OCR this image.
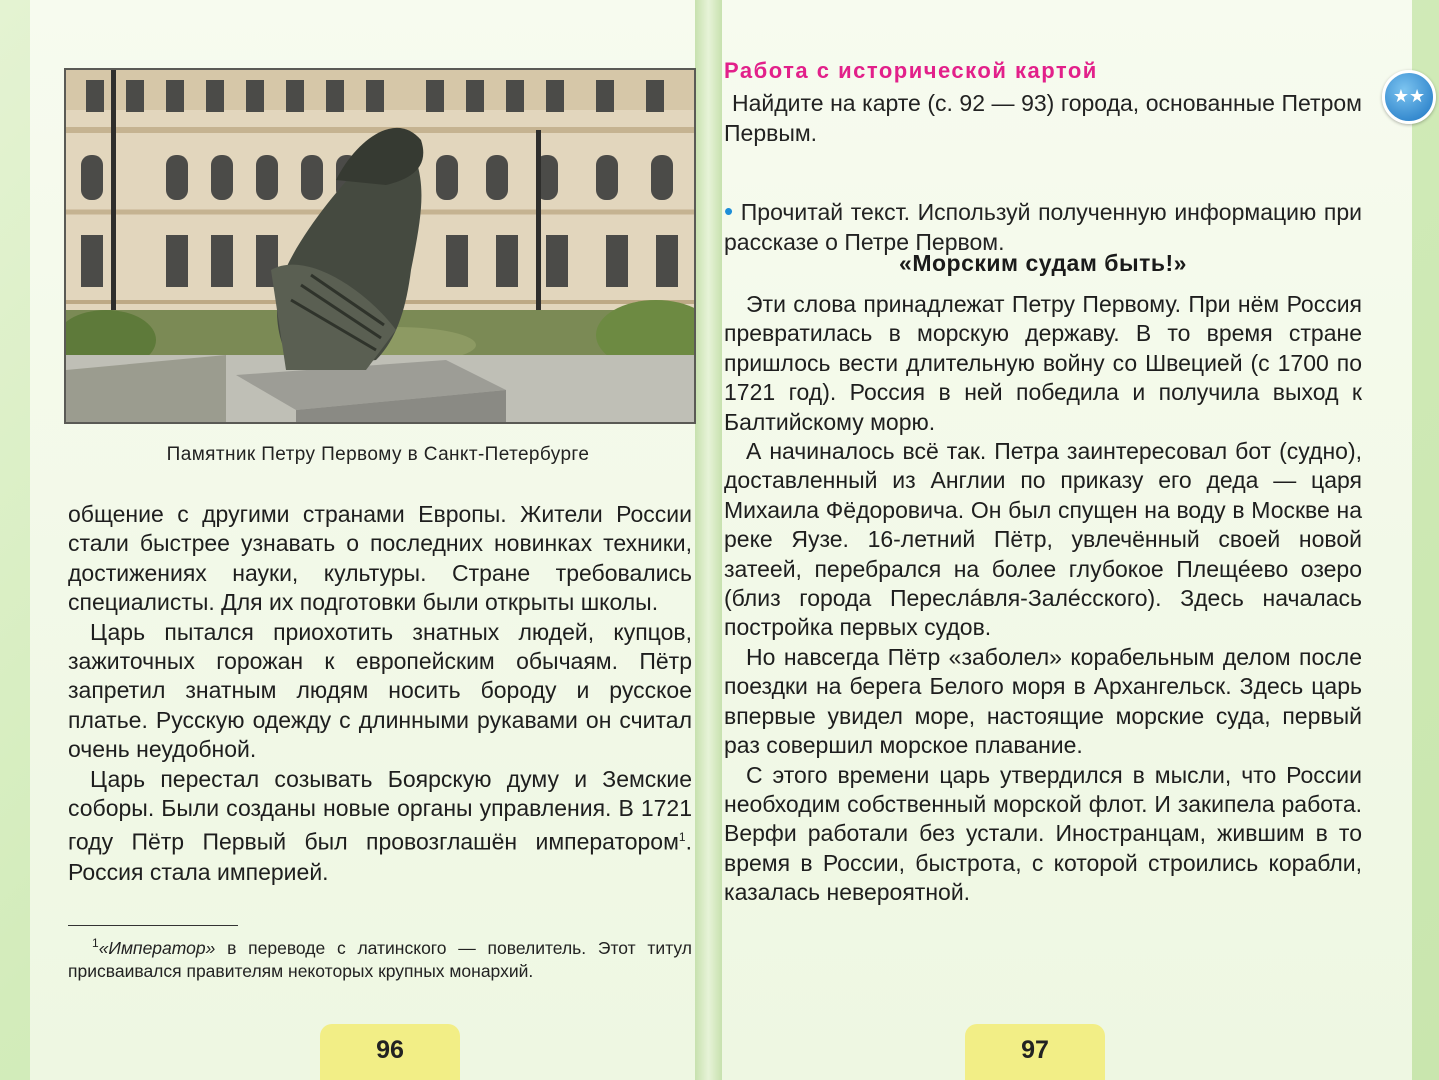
Памятник Петру Первому в Санкт-Петербурге

общение с другими странами Европы. Жители России стали быстрее узнавать о последних новинках техники, достижениях науки, культуры. Стране требовались специалисты. Для их подготовки были открыты школы.

Царь пытался приохотить знатных людей, купцов, зажиточных горожан к европейским обычаям. Пётр запретил знатным людям носить бороду и русское платье. Русскую одежду с длинными рукавами он считал очень неудобной.

Царь перестал созывать Боярскую думу и Земские соборы. Были созданы новые органы управления. В 1721 году Пётр Первый был провозглашён императором$^1$. Россия стала империей.

$^1$«Император» в переводе с латинского — повелитель. Этот титул присваивался правителям некоторых крупных монархий.
96
Работа с исторической картой
★★
Найдите на карте (с. 92 — 93) города, основанные Петром Первым.
• Прочитай текст. Используй полученную информацию при рассказе о Петре Первом.
«Морским судам быть!»

Эти слова принадлежат Петру Первому. При нём Россия превратилась в морскую державу. В то время стране пришлось вести длительную войну со Швецией (с 1700 по 1721 год). Россия в ней победила и получила выход к Балтийскому морю.

А начиналось всё так. Петра заинтересовал бот (судно), доставленный из Англии по приказу его деда — царя Михаила Фёдоровича. Он был спущен на воду в Москве на реке Яузе. 16-летний Пётр, увлечённый своей новой затеей, перебрался на более глубокое Плещéево озеро (близ города Переслáвля-Залéсского). Здесь началась постройка первых судов.

Но навсегда Пётр «заболел» корабельным делом после поездки на берега Белого моря в Архангельск. Здесь царь впервые увидел море, настоящие морские суда, первый раз совершил морское плавание.

С этого времени царь утвердился в мысли, что России необходим собственный морской флот. И закипела работа. Верфи работали без устали. Иностранцам, жившим в то время в России, быстрота, с которой строились корабли, казалась невероятной.

97
